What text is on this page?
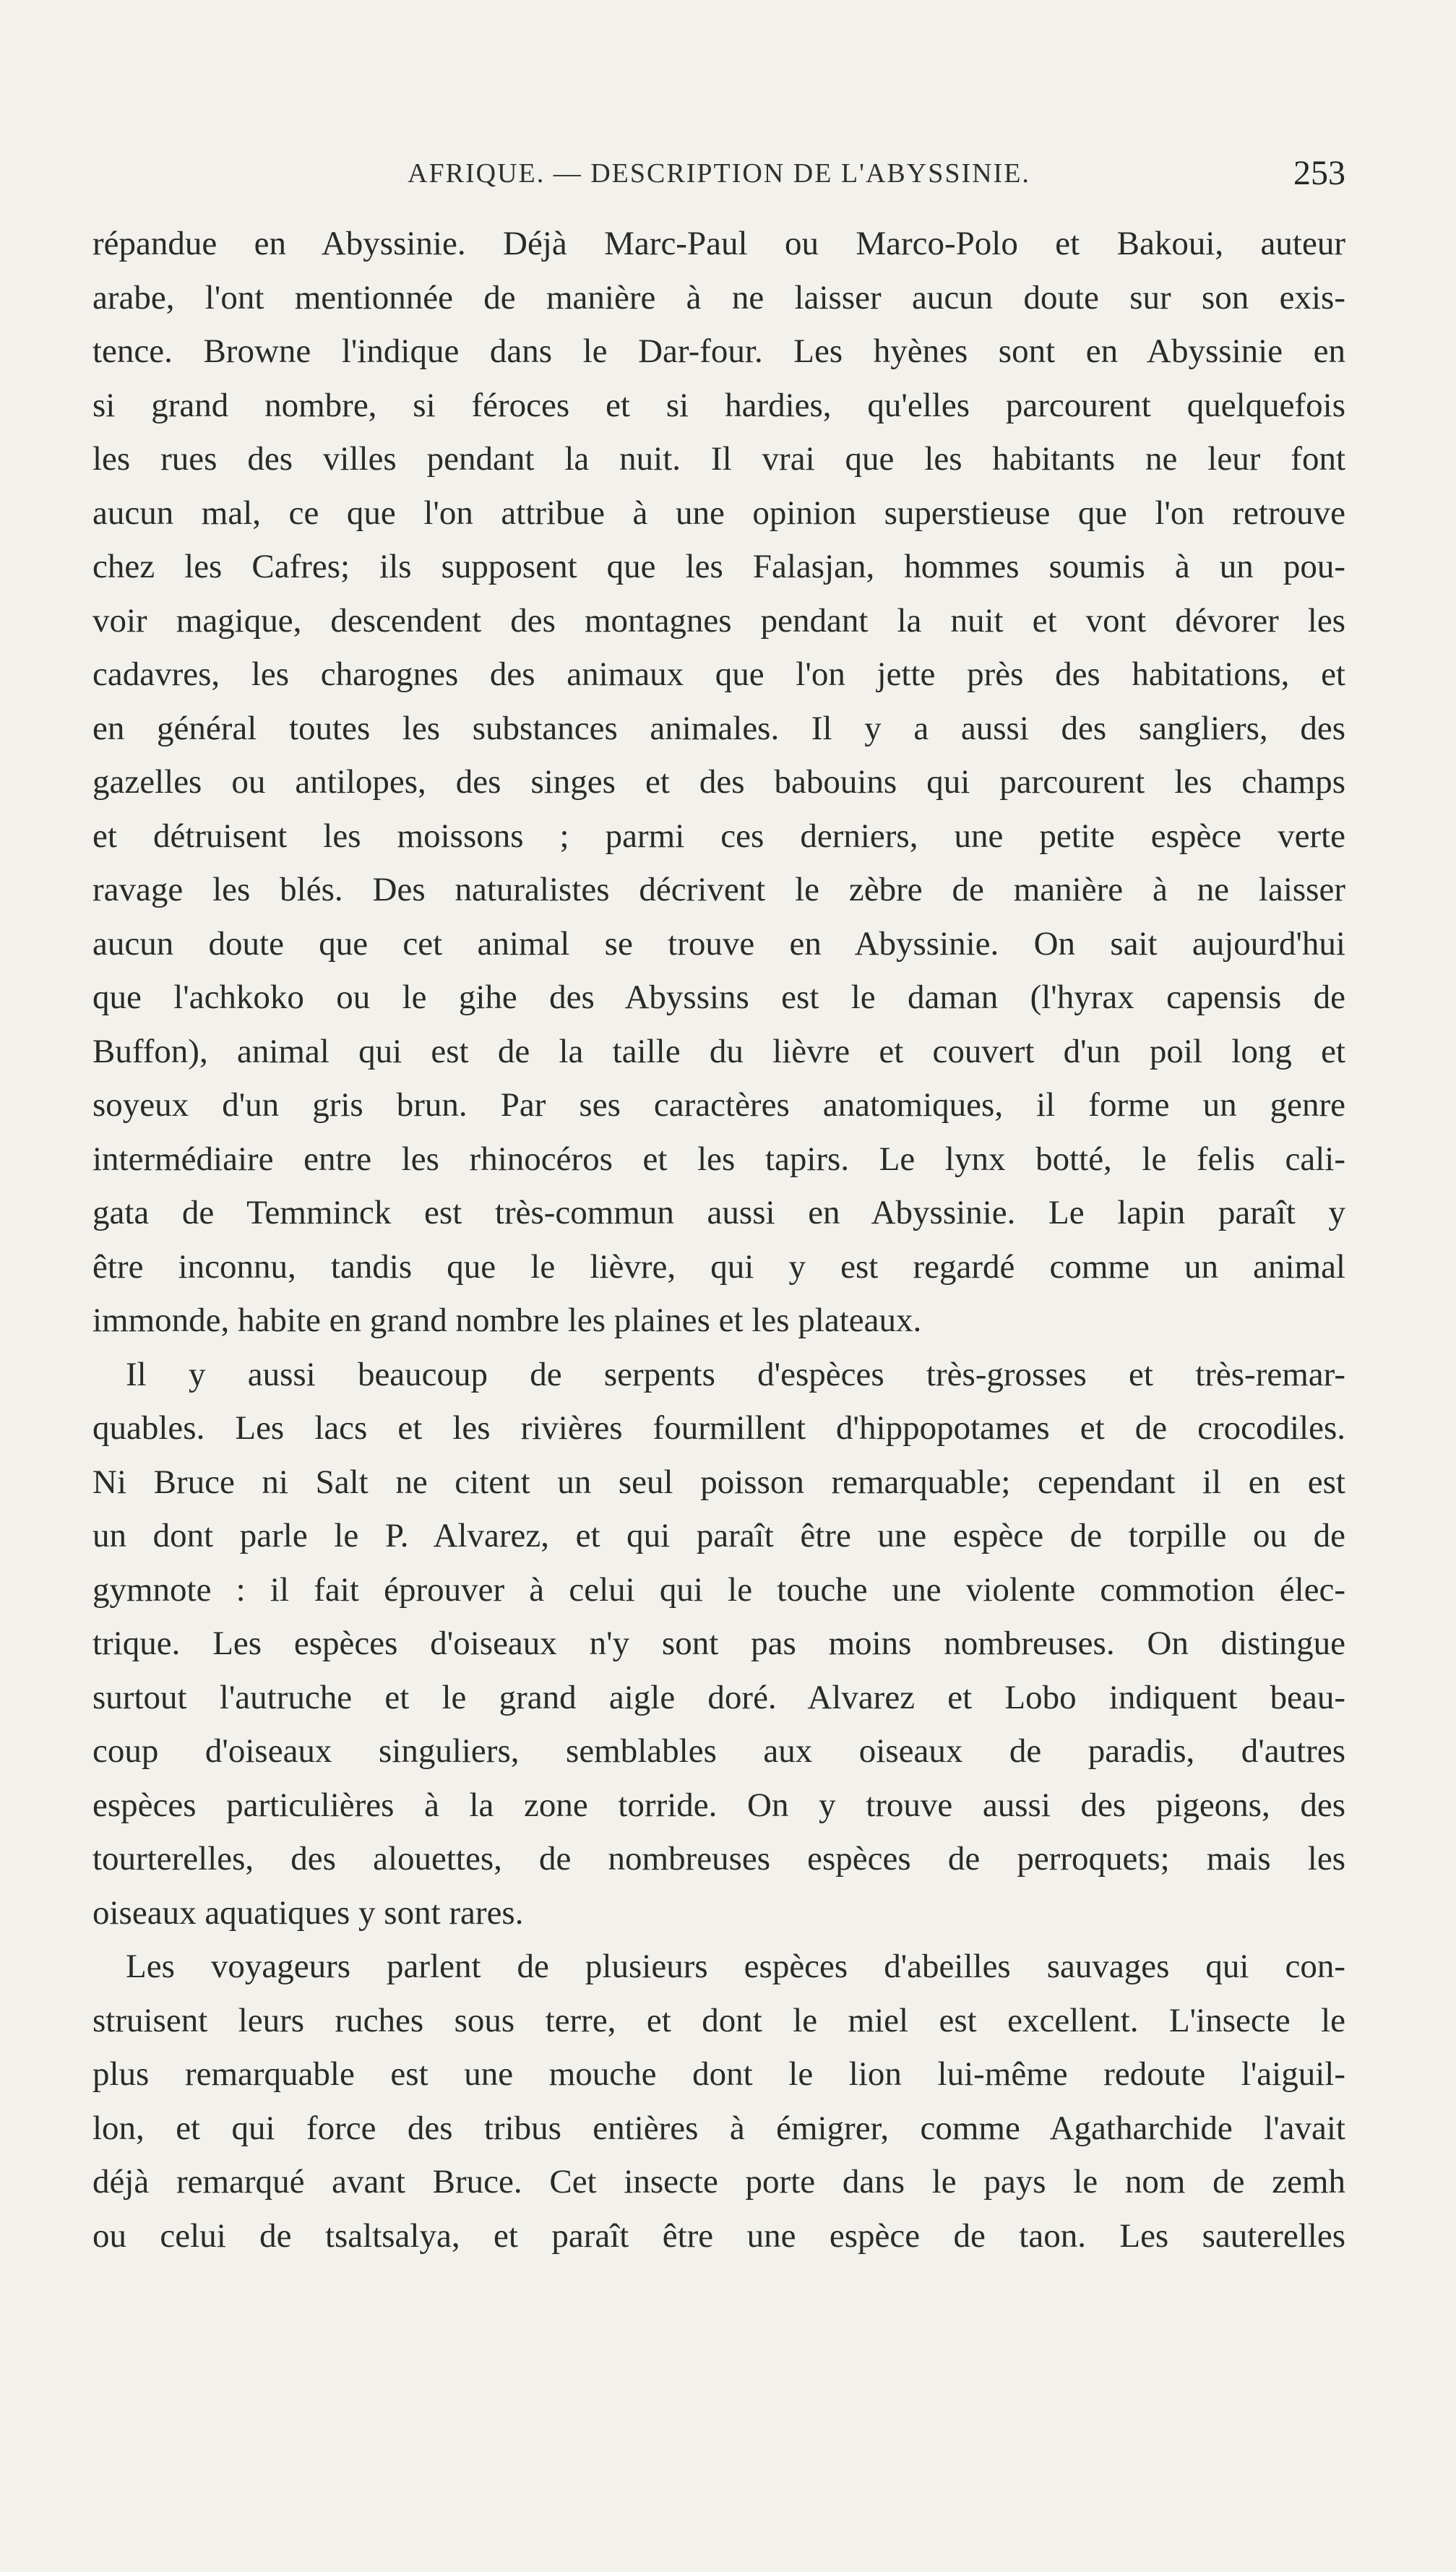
AFRIQUE. — DESCRIPTION DE L'ABYSSINIE.	253
répandue en Abyssinie. Déjà Marc-Paul ou Marco-Polo et Bakoui, auteur
arabe, l'ont mentionnée de manière à ne laisser aucun doute sur son exis-
tence. Browne l'indique dans le Dar-four. Les hyènes sont en Abyssinie en
si grand nombre, si féroces et si hardies, qu'elles parcourent quelquefois
les rues des villes pendant la nuit. Il vrai que les habitants ne leur font
aucun mal, ce que l'on attribue à une opinion superstieuse que l'on retrouve
chez les Cafres; ils supposent que les Falasjan, hommes soumis à un pou-
voir magique, descendent des montagnes pendant la nuit et vont dévorer les
cadavres, les charognes des animaux que l'on jette près des habitations, et
en général toutes les substances animales. Il y a aussi des sangliers, des
gazelles ou antilopes, des singes et des babouins qui parcourent les champs
et détruisent les moissons ; parmi ces derniers, une petite espèce verte
ravage les blés. Des naturalistes décrivent le zèbre de manière à ne laisser
aucun doute que cet animal se trouve en Abyssinie. On sait aujourd'hui
que l'achkoko ou le gihe des Abyssins est le daman (l'hyrax capensis de
Buffon), animal qui est de la taille du lièvre et couvert d'un poil long et
soyeux d'un gris brun. Par ses caractères anatomiques, il forme un genre
intermédiaire entre les rhinocéros et les tapirs. Le lynx botté, le felis cali-
gata de Temminck est très-commun aussi en Abyssinie. Le lapin paraît y
être inconnu, tandis que le lièvre, qui y est regardé comme un animal
immonde, habite en grand nombre les plaines et les plateaux.
Il y aussi beaucoup de serpents d'espèces très-grosses et très-remar-
quables. Les lacs et les rivières fourmillent d'hippopotames et de crocodiles.
Ni Bruce ni Salt ne citent un seul poisson remarquable; cependant il en est
un dont parle le P. Alvarez, et qui paraît être une espèce de torpille ou de
gymnote : il fait éprouver à celui qui le touche une violente commotion élec-
trique. Les espèces d'oiseaux n'y sont pas moins nombreuses. On distingue
surtout l'autruche et le grand aigle doré. Alvarez et Lobo indiquent beau-
coup d'oiseaux singuliers, semblables aux oiseaux de paradis, d'autres
espèces particulières à la zone torride. On y trouve aussi des pigeons, des
tourterelles, des alouettes, de nombreuses espèces de perroquets; mais les
oiseaux aquatiques y sont rares.
Les voyageurs parlent de plusieurs espèces d'abeilles sauvages qui con-
struisent leurs ruches sous terre, et dont le miel est excellent. L'insecte le
plus remarquable est une mouche dont le lion lui-même redoute l'aiguil-
lon, et qui force des tribus entières à émigrer, comme Agatharchide l'avait
déjà remarqué avant Bruce. Cet insecte porte dans le pays le nom de zemh
ou celui de tsaltsalya, et paraît être une espèce de taon. Les sauterelles
